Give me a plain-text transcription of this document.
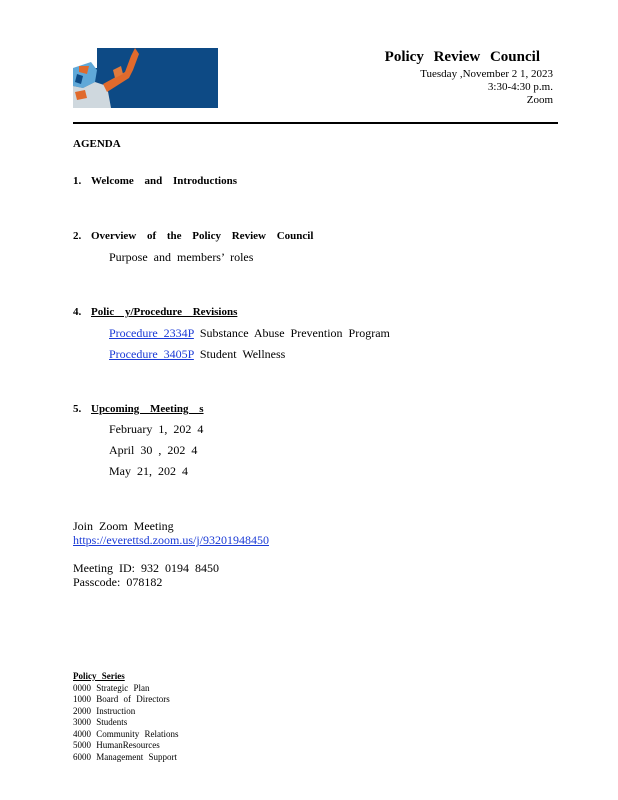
Policy Review Council
Tuesday ,November 2 1, 2023
3:30-4:30 p.m.
Zoom
AGENDA
1. Welcome and Introductions
2. Overview of the Policy Review Council
Purpose and members’ roles
4. Polic y/Procedure Revisions
Procedure 2334P Substance Abuse Prevention Program
Procedure 3405P Student Wellness
5. Upcoming Meeting s
February 1, 202 4
April 30 , 202 4
May 21, 202 4
Join Zoom Meeting
https://everettsd.zoom.us/j/93201948450
Meeting ID: 932 0194 8450
Passcode: 078182
Policy Series
0000 Strategic Plan
1000 Board of Directors
2000 Instruction
3000 Students
4000 Community Relations
5000 HumanResources
6000 Management Support
